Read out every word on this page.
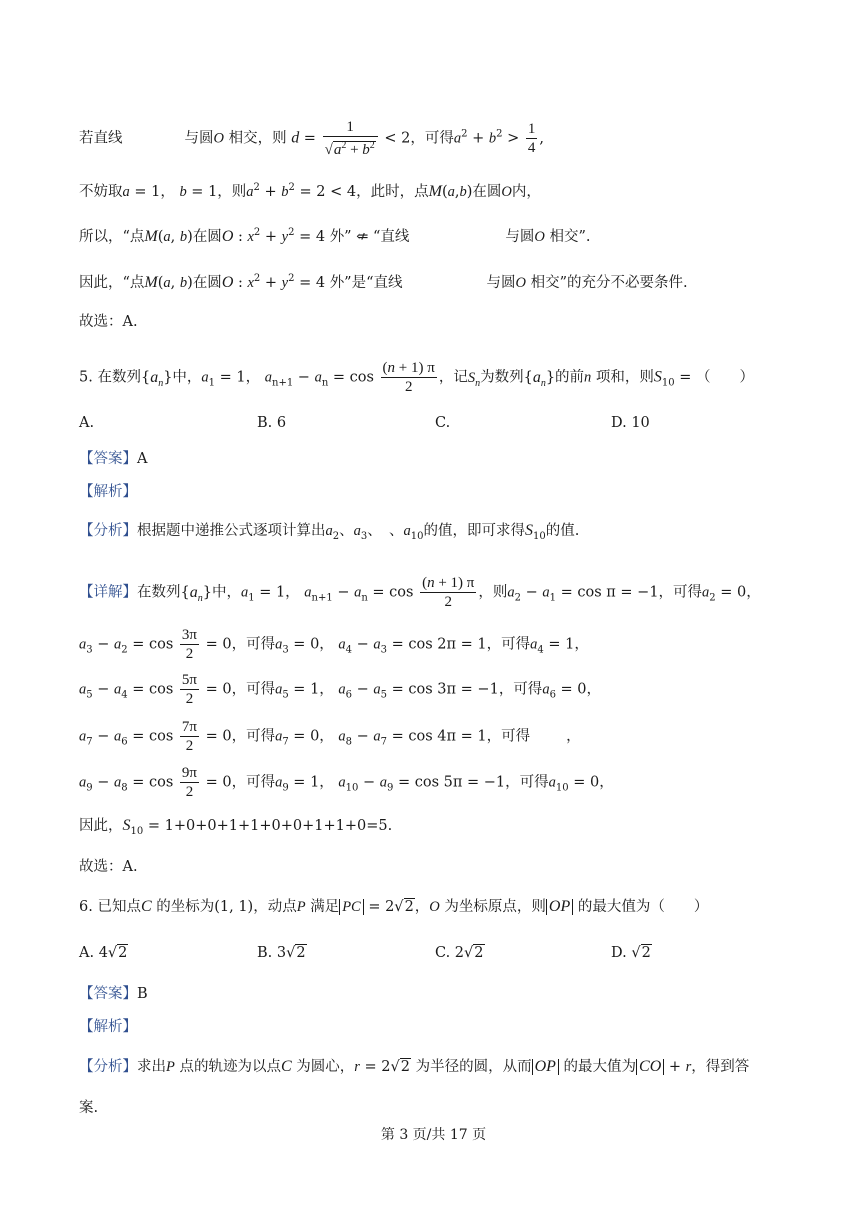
若直线	与圆O 相交，则 $d = \frac{1}{√a^2 + b^2} < 2$，可得$a^2 + b^2 > \frac{1}{4}$ ,
不妨取a = 1， b = 1，则$a^2 + b^2 = 2 < 4$，此时，点M(a,b)在圆O内，
所以，“点M(a, b)在圆O : $x^2 + y^2 = 4$ 外” ⇍ “直线	与圆O 相交”.
因此，“点M(a, b)在圆O : $x^2 + y^2 = 4$ 外”是“直线	与圆O 相交”的充分不必要条件.
故选：A.
5. 在数列$\{a_n\}$中，$a_1 = 1$， $a_{n+1} - a_n = \cos \frac{(n + 1) \pi}{2}$ ，记$S_n$为数列$\{a_n\}$的前n 项和，则$S_{10}$ = （　　）
A.	B. 6	C.	D. 10
【答案】A
【解析】
【分析】根据题中递推公式逐项计算出$a_2$、$a_3$、　、$a_{10}$的值，即可求得$S_{10}$的值.
【详解】在数列$\{a_n\}$中，$a_1 = 1$， $a_{n+1} - a_n = \cos \frac{(n + 1) \pi}{2}$ ，则$a_2 - a_1 = \cos \pi = -1$，可得$a_2 = 0$，
$a_3 - a_2 = \cos \frac{3\pi}{2} = 0$，可得$a_3 = 0$， $a_4 - a_3 = \cos 2\pi = 1$，可得$a_4 = 1$，
$a_5 - a_4 = \cos \frac{5\pi}{2} = 0$，可得$a_5 = 1$， $a_6 - a_5 = \cos 3\pi = -1$，可得$a_6 = 0$，
$a_7 - a_6 = \cos \frac{7\pi}{2} = 0$，可得$a_7 = 0$， $a_8 - a_7 = \cos 4\pi = 1$，可得 ，
$a_9 - a_8 = \cos \frac{9\pi}{2} = 0$，可得$a_9 = 1$， $a_{10} - a_9 = \cos 5\pi = -1$，可得$a_{10} = 0$，
因此，$S_{10} = 1+0+0+1+1+0+0+1+1+0=5$.
故选：A.
6. 已知点C 的坐标为(1, 1)，动点P 满足 PC = 2√2，O 为坐标原点，则 OP 的最大值为（　　）
A. 4√2	B. 3√2	C. 2√2	D. √2
【答案】B
【解析】
【分析】求出P 点的轨迹为以点C 为圆心，r = 2√2 为半径的圆，从而 OP 的最大值为 CO + r，得到答
案.
第 3 页/共 17 页
